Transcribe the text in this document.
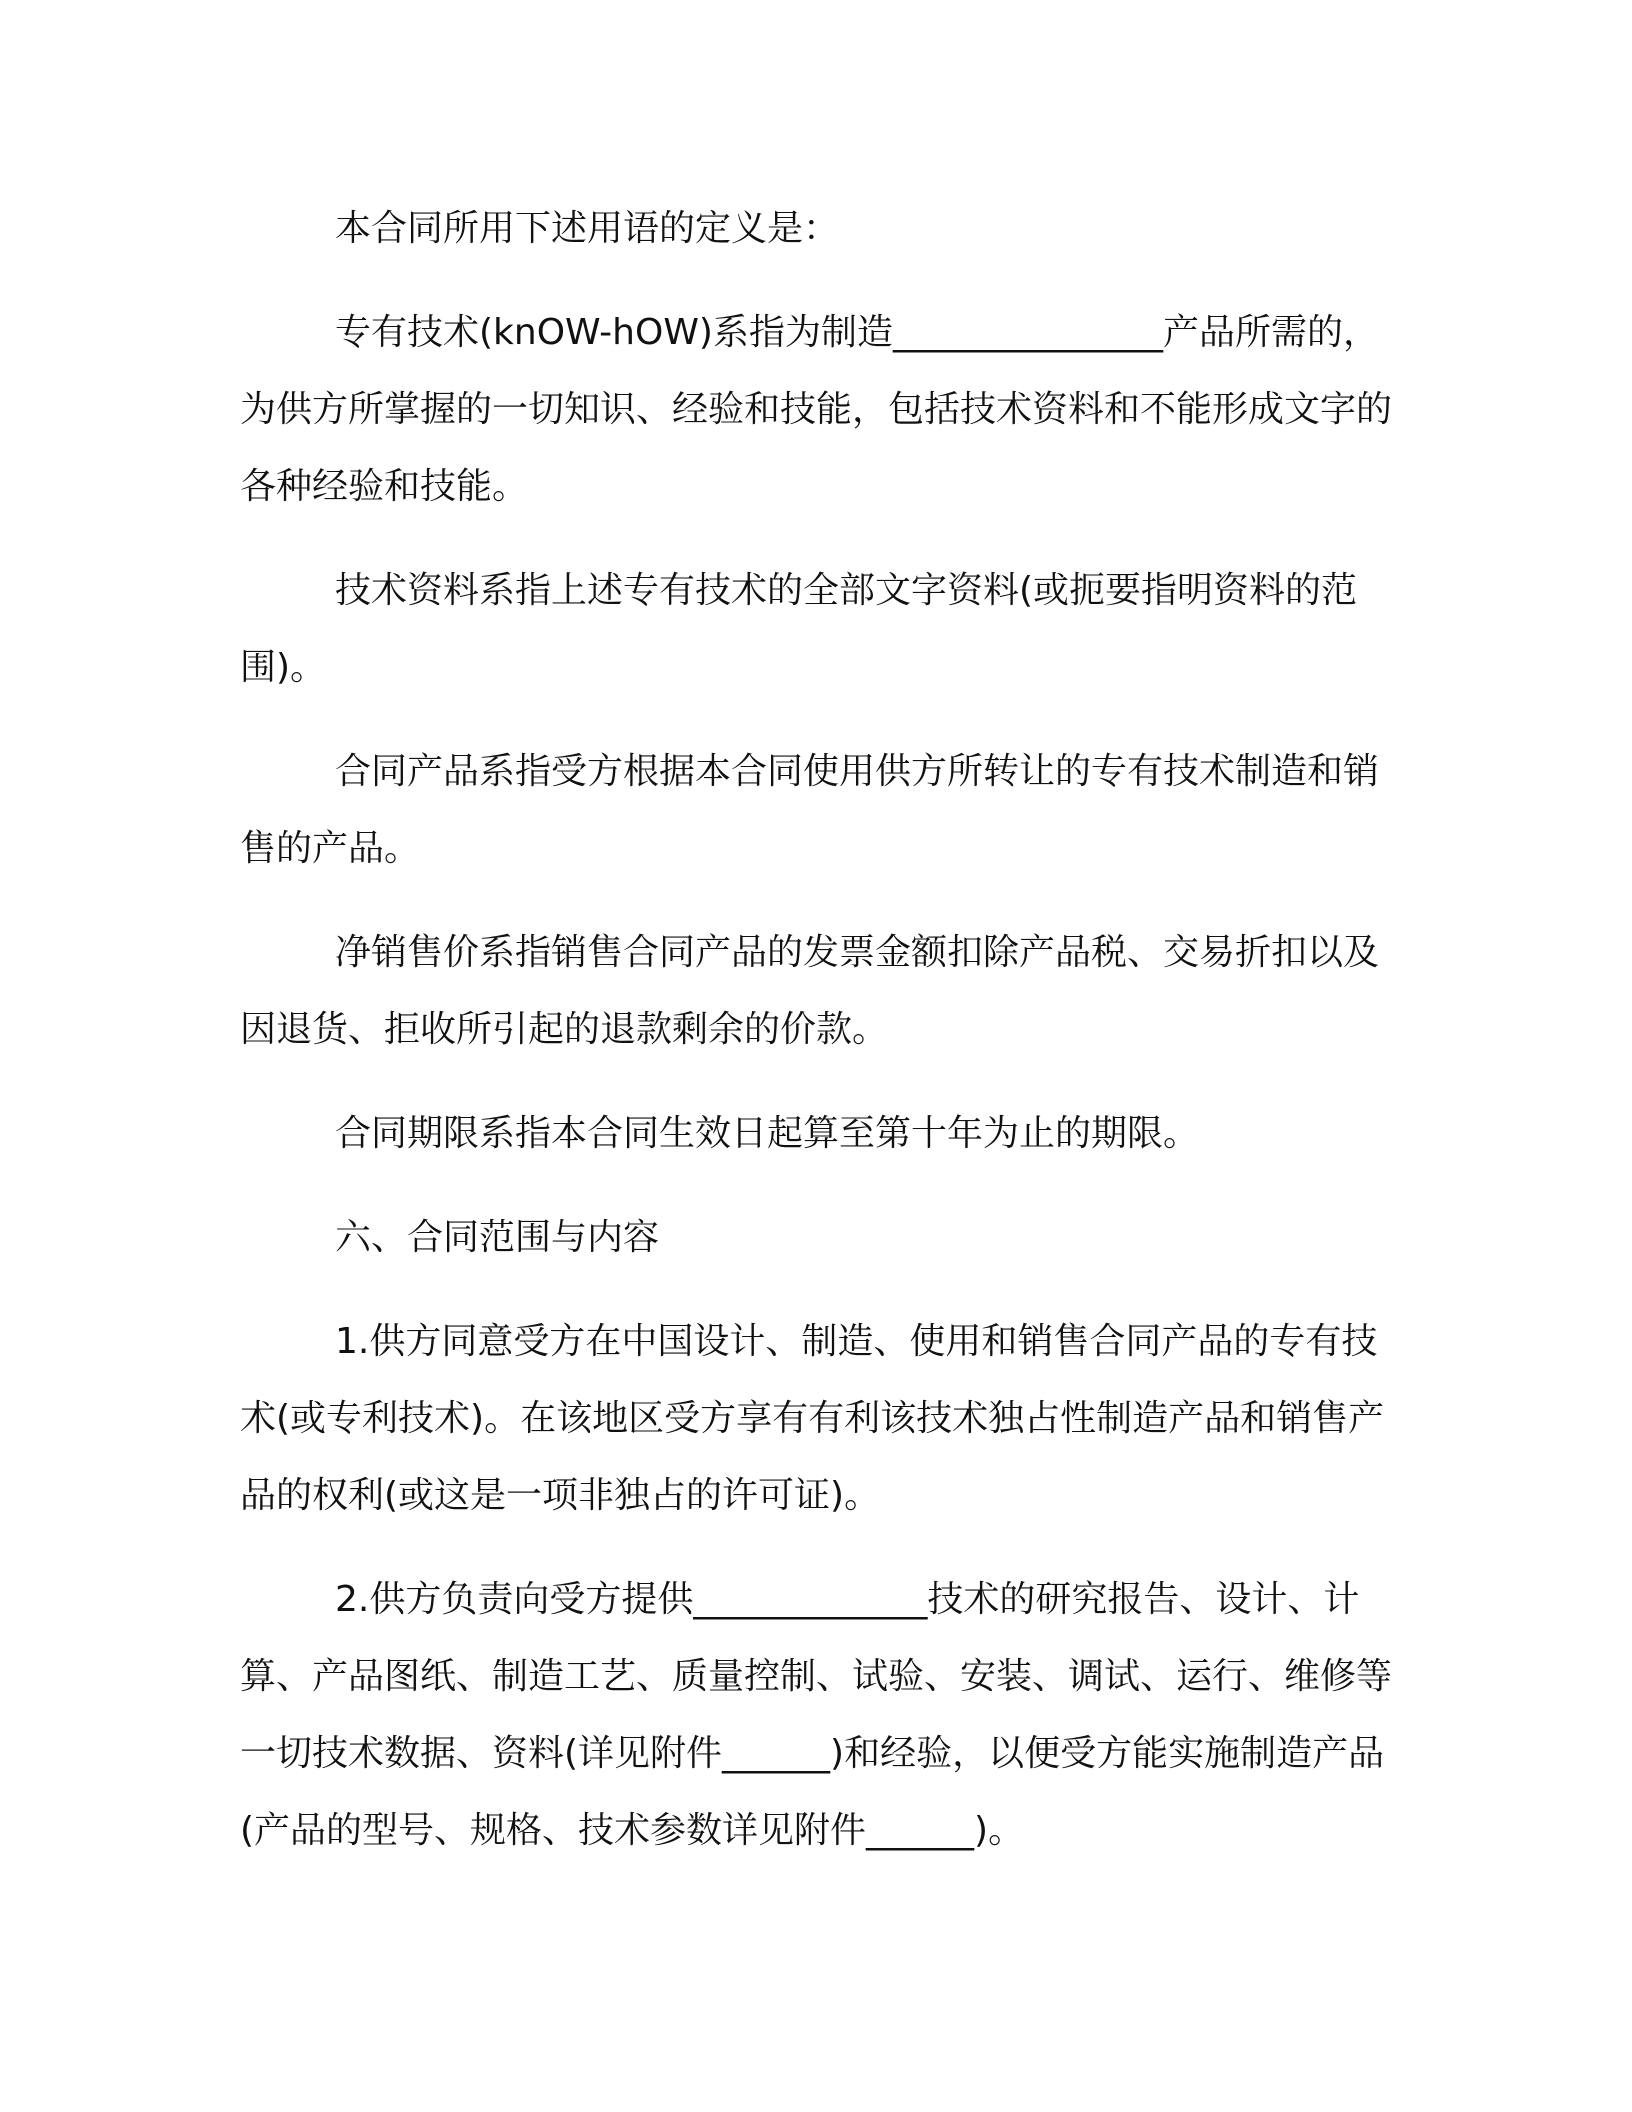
本合同所用下述用语的定义是：

专有技术(knOW-hOW)系指为制造_______________产品所需的，为供方所掌握的一切知识、经验和技能，包括技术资料和不能形成文字的各种经验和技能。

技术资料系指上述专有技术的全部文字资料(或扼要指明资料的范围)。

合同产品系指受方根据本合同使用供方所转让的专有技术制造和销售的产品。

净销售价系指销售合同产品的发票金额扣除产品税、交易折扣以及因退货、拒收所引起的退款剩余的价款。

合同期限系指本合同生效日起算至第十年为止的期限。

六、合同范围与内容

1.供方同意受方在中国设计、制造、使用和销售合同产品的专有技术(或专利技术)。在该地区受方享有有利该技术独占性制造产品和销售产品的权利(或这是一项非独占的许可证)。

2.供方负责向受方提供_____________技术的研究报告、设计、计算、产品图纸、制造工艺、质量控制、试验、安装、调试、运行、维修等一切技术数据、资料(详见附件______)和经验，以便受方能实施制造产品(产品的型号、规格、技术参数详见附件______)。
